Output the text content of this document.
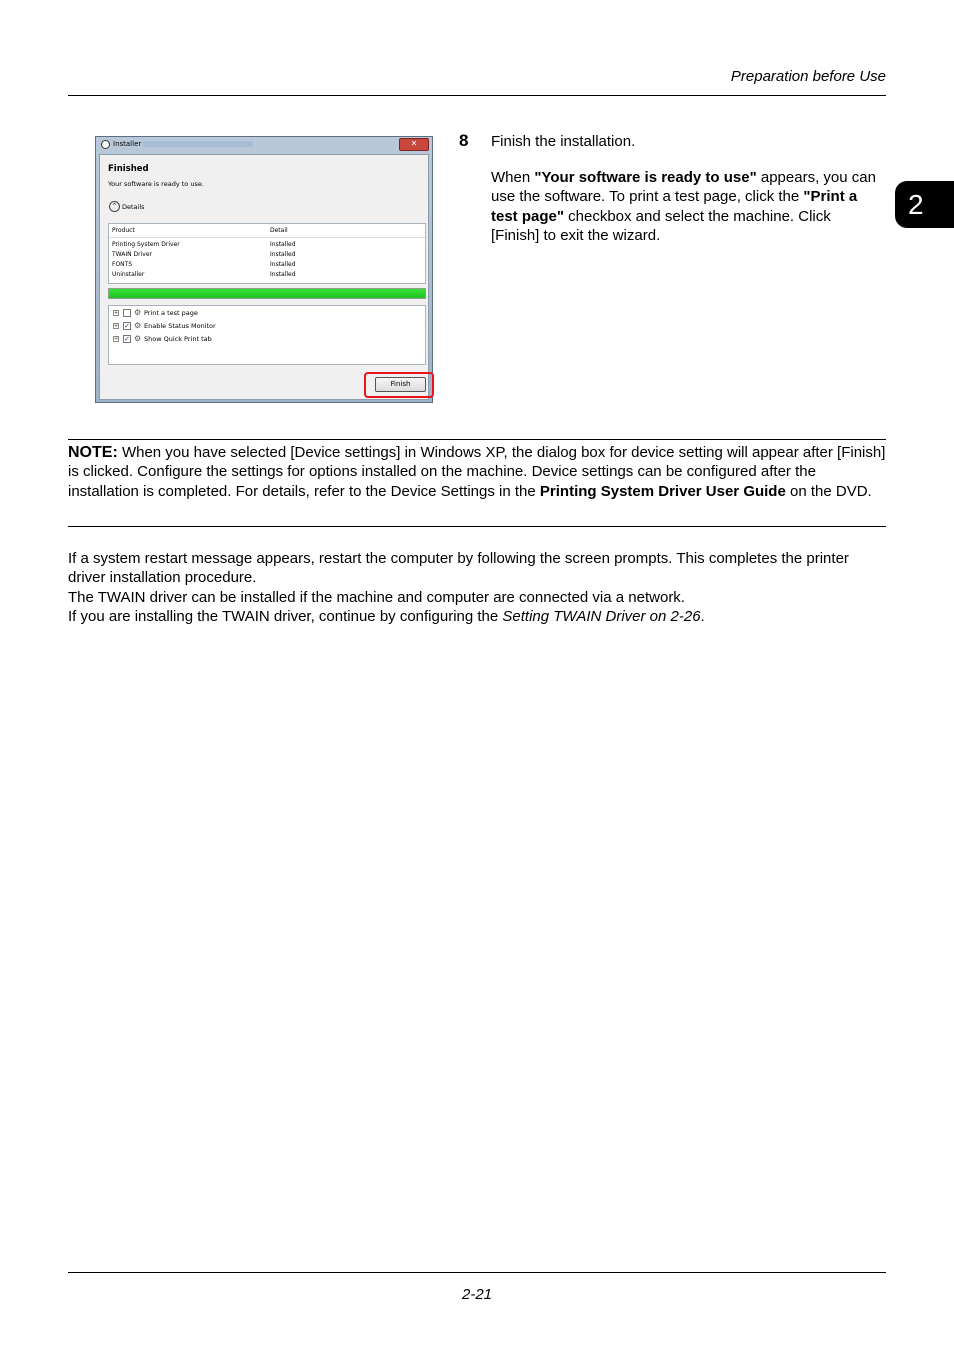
Preparation before Use
2
Installer	✕
Finished
Your software is ready to use.
⌃ Details
Product	Detail
Printing System Driver	Installed
TWAIN Driver	Installed
FONTS	Installed
Uninstaller	Installed
+ ⚙ Print a test page
+ ✓ ⚙ Enable Status Monitor
+ ✓ ⚙ Show Quick Print tab
Finish
8 Finish the installation.
When "Your software is ready to use" appears, you can use the software. To print a test page, click the "Print a test page" checkbox and select the machine. Click [Finish] to exit the wizard.
NOTE: When you have selected [Device settings] in Windows XP, the dialog box for device setting will appear after [Finish] is clicked. Configure the settings for options installed on the machine. Device settings can be configured after the installation is completed. For details, refer to the Device Settings in the Printing System Driver User Guide on the DVD.

If a system restart message appears, restart the computer by following the screen prompts. This completes the printer driver installation procedure.

The TWAIN driver can be installed if the machine and computer are connected via a network.

If you are installing the TWAIN driver, continue by configuring the Setting TWAIN Driver on 2-26.

2-21
